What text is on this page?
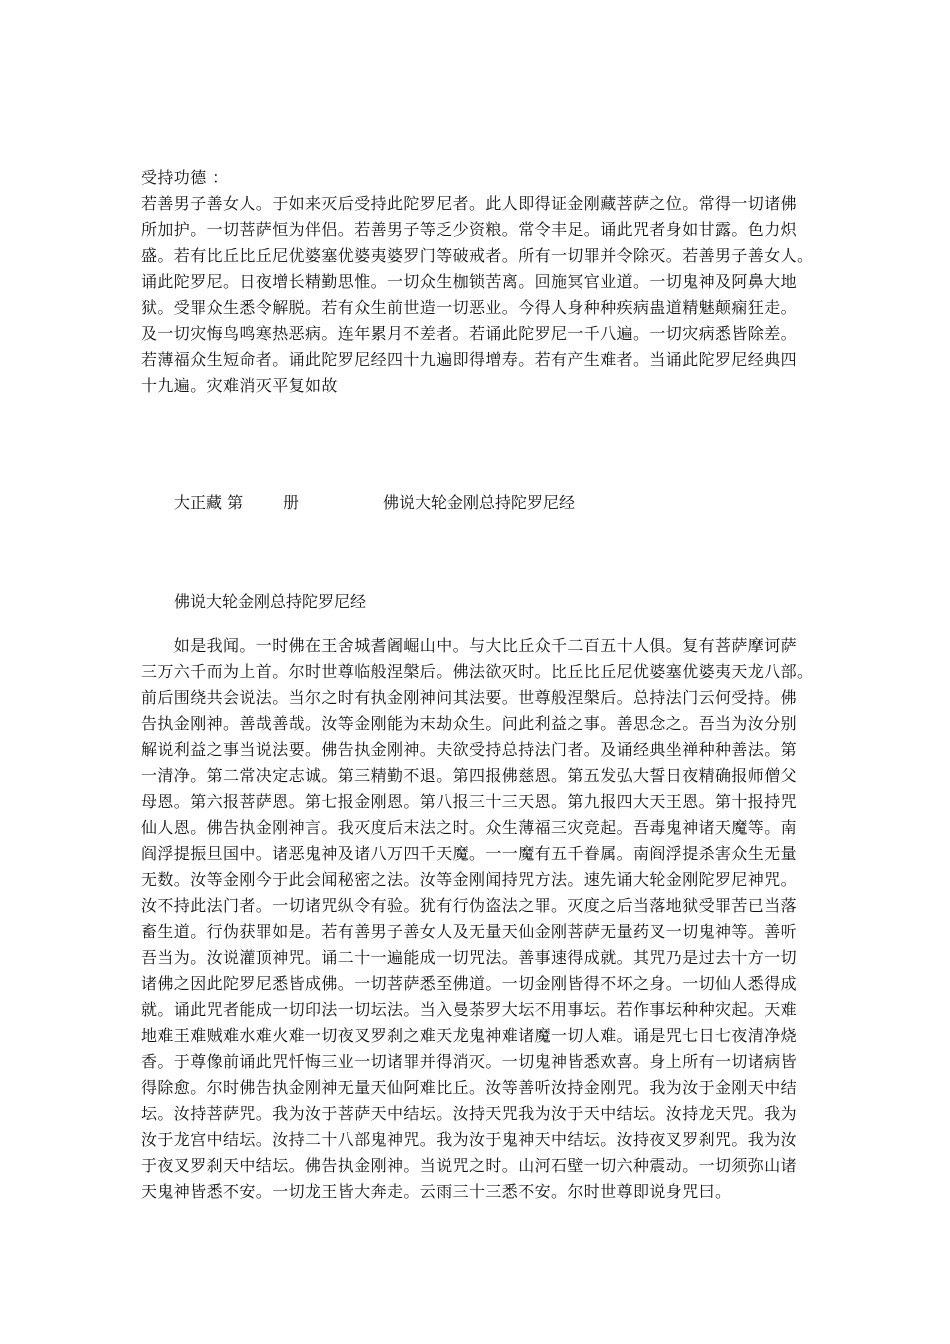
受持功德 ：
若善男子善女人。于如来灭后受持此陀罗尼者。此人即得证金刚藏菩萨之位。常得一切诸佛
所加护。一切菩萨恒为伴侣。若善男子等乏少资粮。常令丰足。诵此咒者身如甘露。色力炽
盛。若有比丘比丘尼优婆塞优婆夷婆罗门等破戒者。所有一切罪并令除灭。若善男子善女人。
诵此陀罗尼。日夜增长精勤思惟。一切众生枷锁苦离。回施冥官业道。一切鬼神及阿鼻大地
狱。受罪众生悉令解脱。若有众生前世造一切恶业。今得人身种种疾病蛊道精魅颠痫狂走。
及一切灾悔鸟鸣寒热恶病。连年累月不差者。若诵此陀罗尼一千八遍。一切灾病悉皆除差。
若薄福众生短命者。诵此陀罗尼经四十九遍即得增寿。若有产生难者。当诵此陀罗尼经典四
十九遍。灾难消灭平复如故
大正藏 第 册	佛说大轮金刚总持陀罗尼经
佛说大轮金刚总持陀罗尼经
　　如是我闻。一时佛在王舍城耆阇崛山中。与大比丘众千二百五十人俱。复有菩萨摩诃萨
三万六千而为上首。尔时世尊临般涅槃后。佛法欲灭时。比丘比丘尼优婆塞优婆夷天龙八部。
前后围绕共会说法。当尔之时有执金刚神问其法要。世尊般涅槃后。总持法门云何受持。佛
告执金刚神。善哉善哉。汝等金刚能为末劫众生。问此利益之事。善思念之。吾当为汝分别
解说利益之事当说法要。佛告执金刚神。夫欲受持总持法门者。及诵经典坐禅种种善法。第
一清净。第二常决定志诚。第三精勤不退。第四报佛慈恩。第五发弘大誓日夜精确报师僧父
母恩。第六报菩萨恩。第七报金刚恩。第八报三十三天恩。第九报四大天王恩。第十报持咒
仙人恩。佛告执金刚神言。我灭度后末法之时。众生薄福三灾竞起。吾毒鬼神诸天魔等。南
阎浮提振旦国中。诸恶鬼神及诸八万四千天魔。一一魔有五千眷属。南阎浮提杀害众生无量
无数。汝等金刚今于此会闻秘密之法。汝等金刚闻持咒方法。速先诵大轮金刚陀罗尼神咒。
汝不持此法门者。一切诸咒纵令有验。犹有行伪盗法之罪。灭度之后当落地狱受罪苦已当落
畜生道。行伪获罪如是。若有善男子善女人及无量天仙金刚菩萨无量药叉一切鬼神等。善听
吾当为。汝说灌顶神咒。诵二十一遍能成一切咒法。善事速得成就。其咒乃是过去十方一切
诸佛之因此陀罗尼悉皆成佛。一切菩萨悉至佛道。一切金刚皆得不坏之身。一切仙人悉得成
就。诵此咒者能成一切印法一切坛法。当入曼荼罗大坛不用事坛。若作事坛种种灾起。天难
地难王难贼难水难火难一切夜叉罗刹之难天龙鬼神难诸魔一切人难。诵是咒七日七夜清净烧
香。于尊像前诵此咒忏悔三业一切诸罪并得消灭。一切鬼神皆悉欢喜。身上所有一切诸病皆
得除愈。尔时佛告执金刚神无量天仙阿难比丘。汝等善听汝持金刚咒。我为汝于金刚天中结
坛。汝持菩萨咒。我为汝于菩萨天中结坛。汝持天咒我为汝于天中结坛。汝持龙天咒。我为
汝于龙宫中结坛。汝持二十八部鬼神咒。我为汝于鬼神天中结坛。汝持夜叉罗刹咒。我为汝
于夜叉罗刹天中结坛。佛告执金刚神。当说咒之时。山河石壁一切六种震动。一切须弥山诸
天鬼神皆悉不安。一切龙王皆大奔走。云雨三十三悉不安。尔时世尊即说身咒曰。
